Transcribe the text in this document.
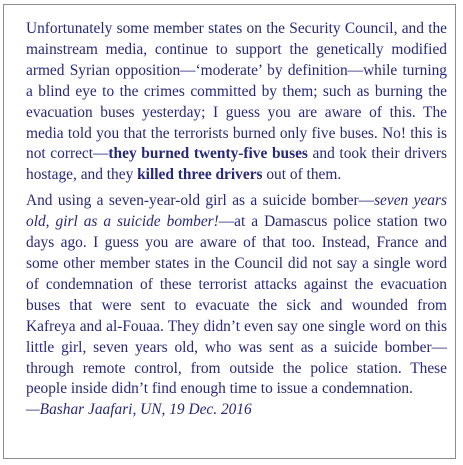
Unfortunately some member states on the Security Council, and the mainstream media, continue to support the genetically modified armed Syrian opposition—‘moderate’ by definition—while turning a blind eye to the crimes committed by them; such as burning the evacuation buses yesterday; I guess you are aware of this. The media told you that the terrorists burned only five buses. No! this is not correct—they burned twenty-five buses and took their drivers hostage, and they killed three drivers out of them.

And using a seven-year-old girl as a suicide bomber—seven years old, girl as a suicide bomber!—at a Damascus police station two days ago. I guess you are aware of that too. Instead, France and some other member states in the Council did not say a single word of condemnation of these terrorist attacks against the evacuation buses that were sent to evacuate the sick and wounded from Kafreya and al-Fouaa. They didn’t even say one single word on this little girl, seven years old, who was sent as a suicide bomber—through remote control, from outside the police station. These people inside didn’t find enough time to issue a condemnation.

—Bashar Jaafari, UN, 19 Dec. 2016
